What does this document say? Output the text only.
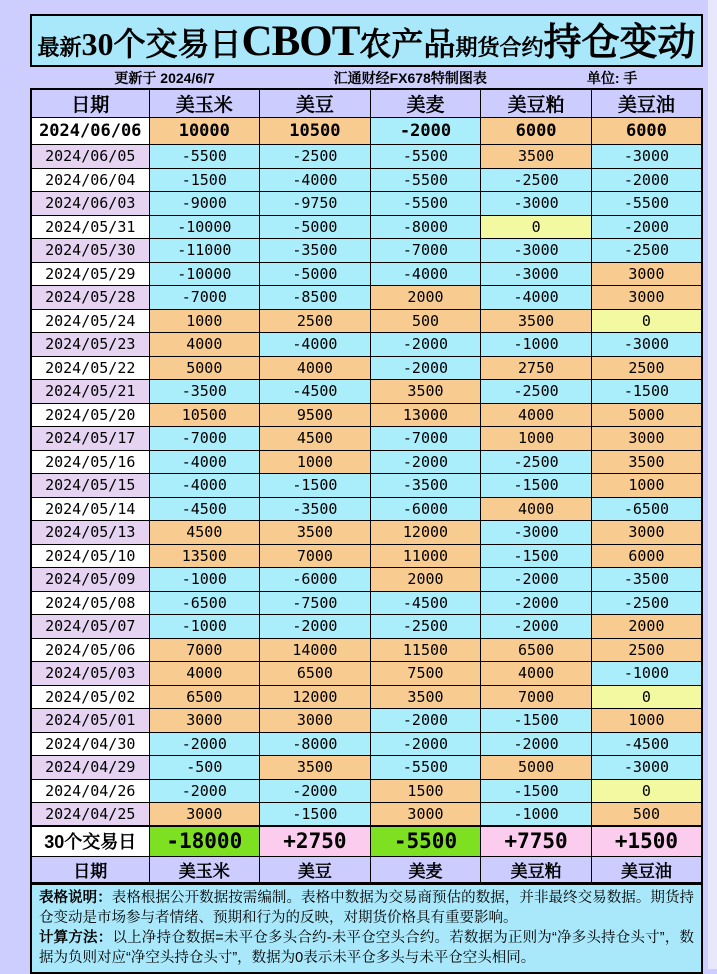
最新 30个交易日 CBOT 农产品 期货合约 持仓变动
更新于 2024/6/7	汇通财经FX678特制图表	单位: 手
日期	美玉米	美豆	美麦	美豆粕	美豆油
2024/06/06	10000	10500	-2000	6000	6000
2024/06/05	-5500	-2500	-5500	3500	-3000
2024/06/04	-1500	-4000	-5500	-2500	-2000
2024/06/03	-9000	-9750	-5500	-3000	-5500
2024/05/31	-10000	-5000	-8000	0	-2000
2024/05/30	-11000	-3500	-7000	-3000	-2500
2024/05/29	-10000	-5000	-4000	-3000	3000
2024/05/28	-7000	-8500	2000	-4000	3000
2024/05/24	1000	2500	500	3500	0
2024/05/23	4000	-4000	-2000	-1000	-3000
2024/05/22	5000	4000	-2000	2750	2500
2024/05/21	-3500	-4500	3500	-2500	-1500
2024/05/20	10500	9500	13000	4000	5000
2024/05/17	-7000	4500	-7000	1000	3000
2024/05/16	-4000	1000	-2000	-2500	3500
2024/05/15	-4000	-1500	-3500	-1500	1000
2024/05/14	-4500	-3500	-6000	4000	-6500
2024/05/13	4500	3500	12000	-3000	3000
2024/05/10	13500	7000	11000	-1500	6000
2024/05/09	-1000	-6000	2000	-2000	-3500
2024/05/08	-6500	-7500	-4500	-2000	-2500
2024/05/07	-1000	-2000	-2500	-2000	2000
2024/05/06	7000	14000	11500	6500	2500
2024/05/03	4000	6500	7500	4000	-1000
2024/05/02	6500	12000	3500	7000	0
2024/05/01	3000	3000	-2000	-1500	1000
2024/04/30	-2000	-8000	-2000	-2000	-4500
2024/04/29	-500	3500	-5500	5000	-3000
2024/04/26	-2000	-2000	1500	-1500	0
2024/04/25	3000	-1500	3000	-1000	500
30个交易日	-18000	+2750	-5500	+7750	+1500
日期	美玉米	美豆	美麦	美豆粕	美豆油

表格说明：表格根据公开数据按需编制。表格中数据为交易商预估的数据，并非最终交易数据。期货持仓变动是市场参与者情绪、预期和行为的反映，对期货价格具有重要影响。

计算方法：以上净持仓数据=未平仓多头合约-未平仓空头合约。若数据为正则为“净多头持仓头寸”，数据为负则对应“净空头持仓头寸”，数据为0表示未平仓多头与未平仓空头相同。
